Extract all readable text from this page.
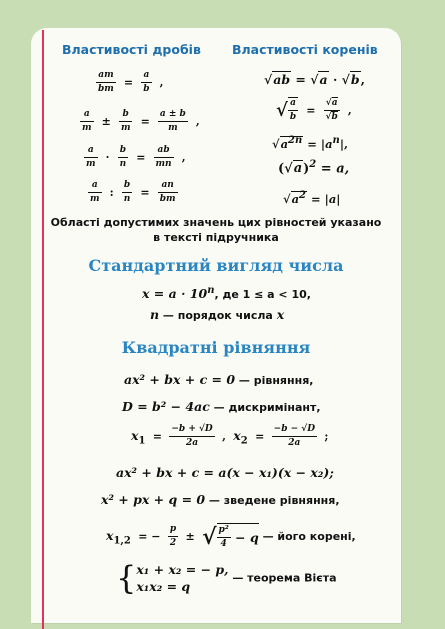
Властивості дробів Властивості коренів
$\frac{am}{bm} = \frac{a}{b}$ ,
$\frac{a}{m} \pm \frac{b}{m} = \frac{a \pm b}{m}$ ,
$\frac{a}{m} \cdot \frac{b}{n} = \frac{ab}{mn}$ ,
$\frac{a}{m}$ : $\frac{b}{n} = \frac{an}{bm}$
√ab = √a · √b,
√ $\frac{a}{b} = \frac{√a}{√b}$ ,
$√a^{2n} = |a^n|$,
$(√a)^2 = a$,
$√a^2 = |a|$
Області допустимих значень цих рівностей указано
в тексті підручника
Стандартний вигляд числа
$x = a \cdot 10^n$, де 1 ≤ a < 10,
n — порядок числа x
Квадратні рівняння
ax² + bx + c = 0 — рівняння,
D = b² − 4ac — дискримінант,
$x_1 = \frac{-b + √D}{2a}$ , $x_2 = \frac{-b - √D}{2a}$ ;
ax² + bx + c = a(x − x₁)(x − x₂);
x² + px + q = 0 — зведене рівняння,
$x_{1,2}$ = − $\frac{p}{2}$ ± √ $\frac{\text{p²}}{4} - q$ — його корені,
{ x₁ + x₂ = − p,
x₁x₂ = q
— теорема Вієта
